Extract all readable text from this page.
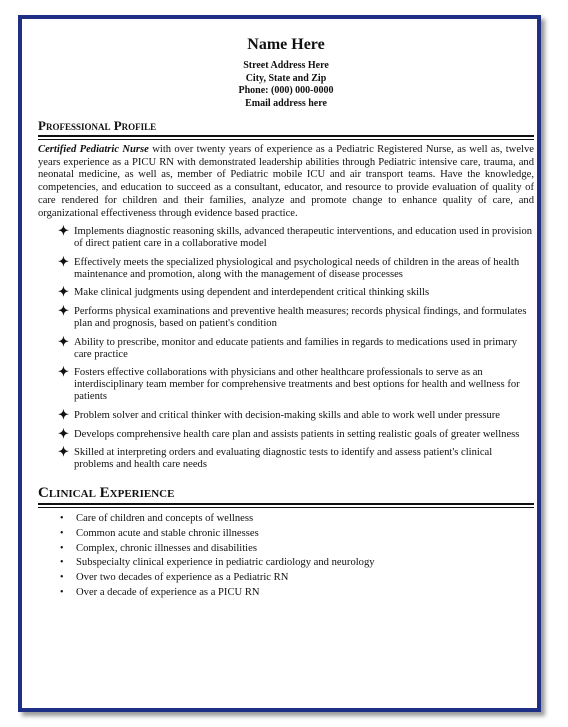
Name Here
Street Address Here
City, State and Zip
Phone: (000) 000-0000
Email address here
Professional Profile

Certified Pediatric Nurse with over twenty years of experience as a Pediatric Registered Nurse, as well as, twelve years experience as a PICU RN with demonstrated leadership abilities through Pediatric intensive care, trauma, and neonatal medicine, as well as, member of Pediatric mobile ICU and air transport teams. Have the knowledge, competencies, and education to succeed as a consultant, educator, and resource to provide evaluation of quality of care rendered for children and their families, analyze and promote change to enhance quality of care, and organizational effectiveness through evidence based practice.

✦ Implements diagnostic reasoning skills, advanced therapeutic interventions, and education used in provision of direct patient care in a collaborative model
✦ Effectively meets the specialized physiological and psychological needs of children in the areas of health maintenance and promotion, along with the management of disease processes
✦ Make clinical judgments using dependent and interdependent critical thinking skills
✦ Performs physical examinations and preventive health measures; records physical findings, and formulates plan and prognosis, based on patient's condition
✦ Ability to prescribe, monitor and educate patients and families in regards to medications used in primary care practice
✦ Fosters effective collaborations with physicians and other healthcare professionals to serve as an interdisciplinary team member for comprehensive treatments and best options for health and wellness for patients
✦ Problem solver and critical thinker with decision-making skills and able to work well under pressure
✦ Develops comprehensive health care plan and assists patients in setting realistic goals of greater wellness
✦ Skilled at interpreting orders and evaluating diagnostic tests to identify and assess patient's clinical problems and health care needs
Clinical Experience
• Care of children and concepts of wellness
• Common acute and stable chronic illnesses
• Complex, chronic illnesses and disabilities
• Subspecialty clinical experience in pediatric cardiology and neurology
• Over two decades of experience as a Pediatric RN
• Over a decade of experience as a PICU RN
